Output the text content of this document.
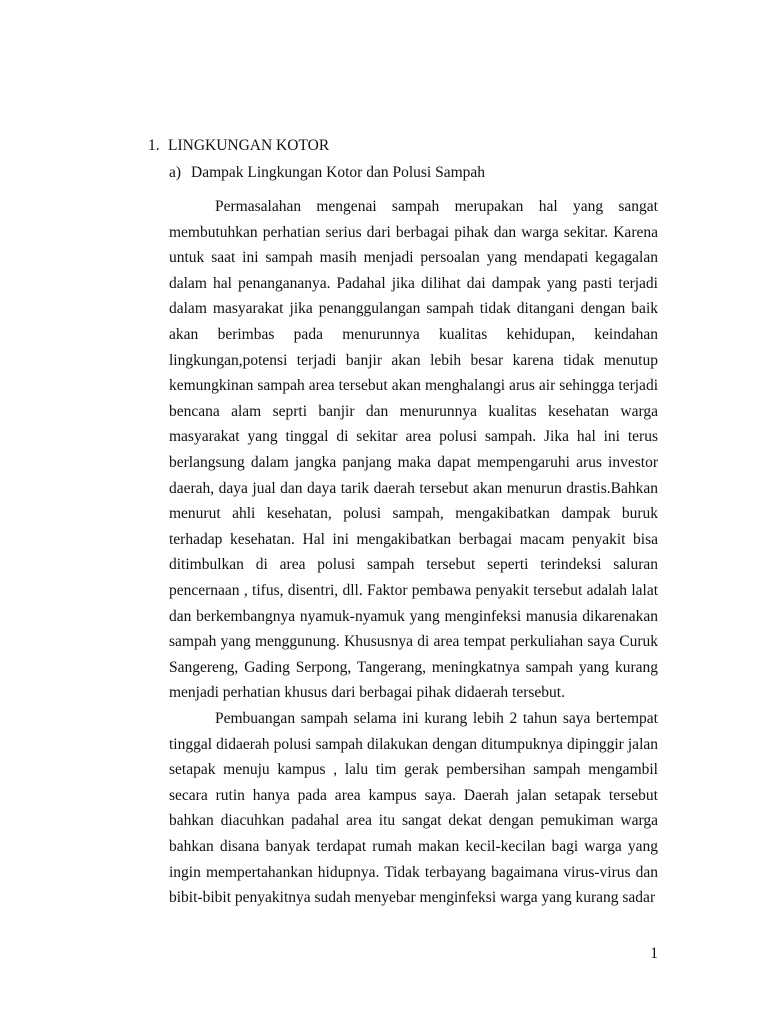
1. LINGKUNGAN KOTOR
a) Dampak Lingkungan Kotor dan Polusi Sampah

Permasalahan mengenai sampah merupakan hal yang sangat membutuhkan perhatian serius dari berbagai pihak dan warga sekitar. Karena untuk saat ini sampah masih menjadi persoalan yang mendapati kegagalan dalam hal penangananya. Padahal jika dilihat dai dampak yang pasti terjadi dalam masyarakat jika penanggulangan sampah tidak ditangani dengan baik akan berimbas pada menurunnya kualitas kehidupan, keindahan lingkungan,potensi terjadi banjir akan lebih besar karena tidak menutup kemungkinan sampah area tersebut akan menghalangi arus air sehingga terjadi bencana alam seprti banjir dan menurunnya kualitas kesehatan warga masyarakat yang tinggal di sekitar area polusi sampah. Jika hal ini terus berlangsung dalam jangka panjang maka dapat mempengaruhi arus investor daerah, daya jual dan daya tarik daerah tersebut akan menurun drastis.Bahkan menurut ahli kesehatan, polusi sampah, mengakibatkan dampak buruk terhadap kesehatan. Hal ini mengakibatkan berbagai macam penyakit bisa ditimbulkan di area polusi sampah tersebut seperti terindeksi saluran pencernaan , tifus, disentri, dll. Faktor pembawa penyakit tersebut adalah lalat dan berkembangnya nyamuk-nyamuk yang menginfeksi manusia dikarenakan sampah yang menggunung. Khususnya di area tempat perkuliahan saya Curuk Sangereng, Gading Serpong, Tangerang, meningkatnya sampah yang kurang menjadi perhatian khusus dari berbagai pihak didaerah tersebut.

Pembuangan sampah selama ini kurang lebih 2 tahun saya bertempat tinggal didaerah polusi sampah dilakukan dengan ditumpuknya dipinggir jalan setapak menuju kampus , lalu tim gerak pembersihan sampah mengambil secara rutin hanya pada area kampus saya. Daerah jalan setapak tersebut bahkan diacuhkan padahal area itu sangat dekat dengan pemukiman warga bahkan disana banyak terdapat rumah makan kecil-kecilan bagi warga yang ingin mempertahankan hidupnya. Tidak terbayang bagaimana virus-virus dan bibit-bibit penyakitnya sudah menyebar menginfeksi warga yang kurang sadar

1
